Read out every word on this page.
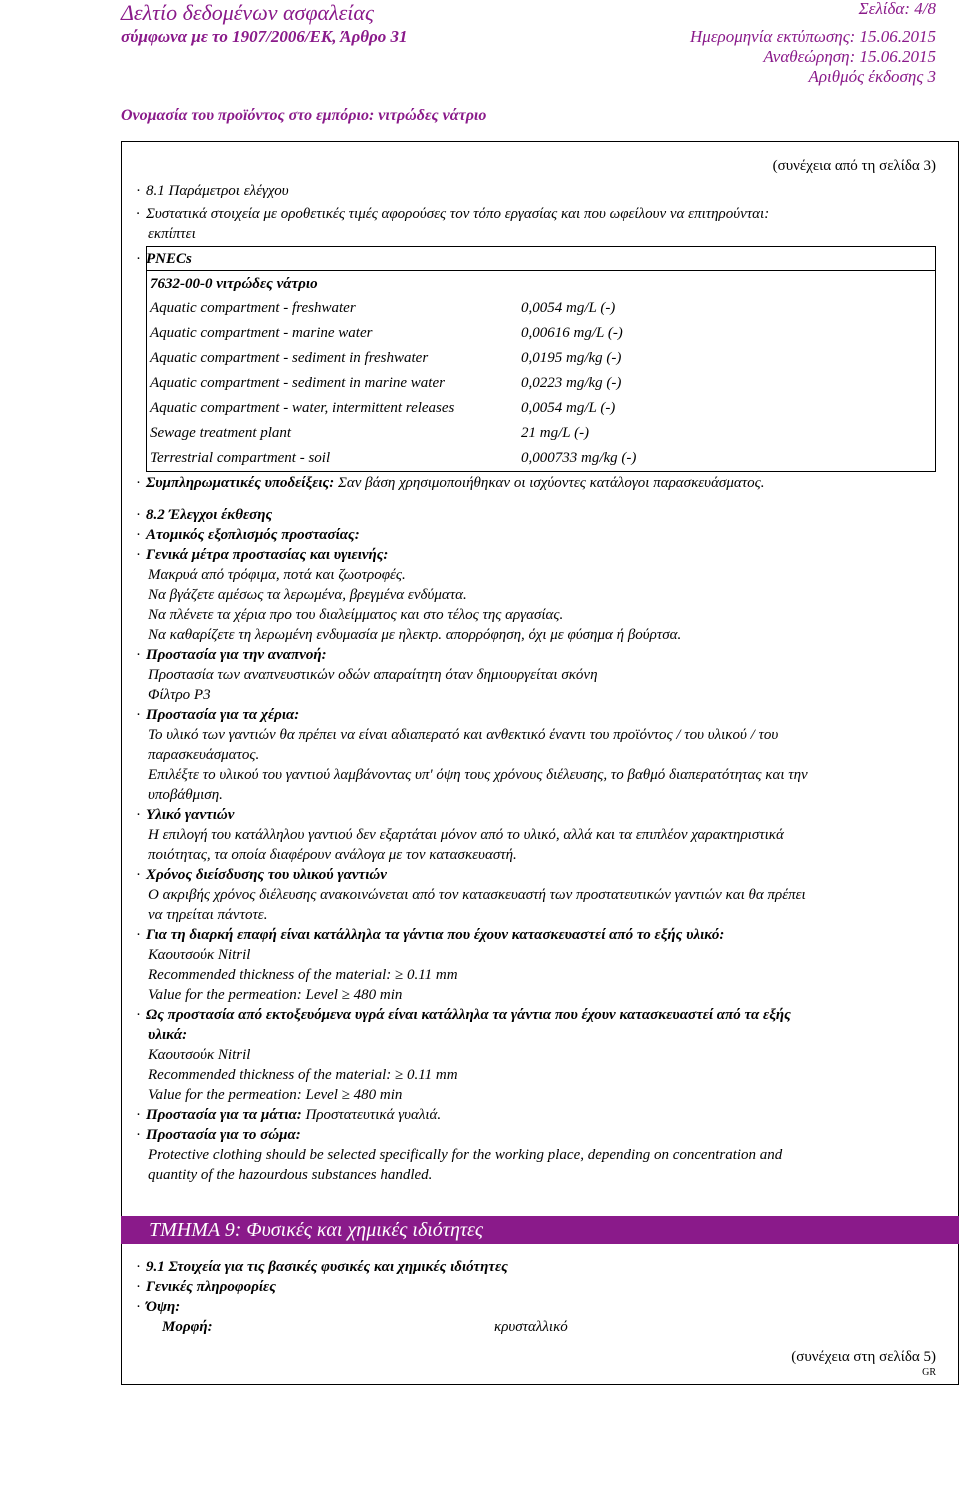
Δελτίο δεδομένων ασφαλείας
σύμφωνα με το 1907/2006/ΕΚ, Άρθρο 31
Σελίδα: 4/8
Ημερομηνία εκτύπωσης: 15.06.2015
Αναθεώρηση: 15.06.2015
Αριθμός έκδοσης 3
Ονομασία του προϊόντος στο εμπόριο: νιτρώδες νάτριο
(συνέχεια από τη σελίδα 3)
· 8.1 Παράμετροι ελέγχου
· Συστατικά στοιχεία με οροθετικές τιμές αφορούσες τον τόπο εργασίας και που ωφείλουν να επιτηρούνται:
εκπίπτει
· PNECs
7632-00-0 νιτρώδες νάτριο
Aquatic compartment - freshwater	0,0054 mg/L (-)
Aquatic compartment - marine water	0,00616 mg/L (-)
Aquatic compartment - sediment in freshwater	0,0195 mg/kg (-)
Aquatic compartment - sediment in marine water	0,0223 mg/kg (-)
Aquatic compartment - water, intermittent releases	0,0054 mg/L (-)
Sewage treatment plant	21 mg/L (-)
Terrestrial compartment - soil	0,000733 mg/kg (-)
· Συμπληρωματικές υποδείξεις: Σαν βάση χρησιμοποιήθηκαν οι ισχύοντες κατάλογοι παρασκευάσματος.
· 8.2 Έλεγχοι έκθεσης
· Ατομικός εξοπλισμός προστασίας:
· Γενικά μέτρα προστασίας και υγιεινής:
Μακρυά από τρόφιμα, ποτά και ζωοτροφές.
Να βγάζετε αμέσως τα λερωμένα, βρεγμένα ενδύματα.
Να πλένετε τα χέρια προ του διαλείμματος και στο τέλος της αργασίας.
Να καθαρίζετε τη λερωμένη ενδυμασία με ηλεκτρ. απορρόφηση, όχι με φύσημα ή βούρτσα.
· Προστασία για την αναπνοή:
Προστασία των αναπνευστικών οδών απαραίτητη όταν δημιουργείται σκόνη
Φίλτρο P3
· Προστασία για τα χέρια:
Το υλικό των γαντιών θα πρέπει να είναι αδιαπερατό και ανθεκτικό έναντι του προϊόντος / του υλικού / του
παρασκευάσματος.
Επιλέξτε το υλικού του γαντιού λαμβάνοντας υπ' όψη τους χρόνους διέλευσης, το βαθμό διαπερατότητας και την
υποβάθμιση.
· Υλικό γαντιών
Η επιλογή του κατάλληλου γαντιού δεν εξαρτάται μόνον από το υλικό, αλλά και τα επιπλέον χαρακτηριστικά
ποιότητας, τα οποία διαφέρουν ανάλογα με τον κατασκευαστή.
· Χρόνος διείσδυσης του υλικού γαντιών
Ο ακριβής χρόνος διέλευσης ανακοινώνεται από τον κατασκευαστή των προστατευτικών γαντιών και θα πρέπει
να τηρείται πάντοτε.
· Για τη διαρκή επαφή είναι κατάλληλα τα γάντια που έχουν κατασκευαστεί από το εξής υλικό:
Καουτσούκ Nitril
Recommended thickness of the material: ≥ 0.11 mm
Value for the permeation: Level ≥ 480 min
· Ως προστασία από εκτοξευόμενα υγρά είναι κατάλληλα τα γάντια που έχουν κατασκευαστεί από τα εξής
υλικά:
Καουτσούκ Nitril
Recommended thickness of the material: ≥ 0.11 mm
Value for the permeation: Level ≥ 480 min
· Προστασία για τα μάτια: Προστατευτικά γυαλιά.
· Προστασία για το σώμα:
Protective clothing should be selected specifically for the working place, depending on concentration and
quantity of the hazourdous substances handled.
ΤΜΗΜΑ 9: Φυσικές και χημικές ιδιότητες
· 9.1 Στοιχεία για τις βασικές φυσικές και χημικές ιδιότητες
· Γενικές πληροφορίες
· Όψη:
Μορφή:	κρυσταλλικό
(συνέχεια στη σελίδα 5)
GR
